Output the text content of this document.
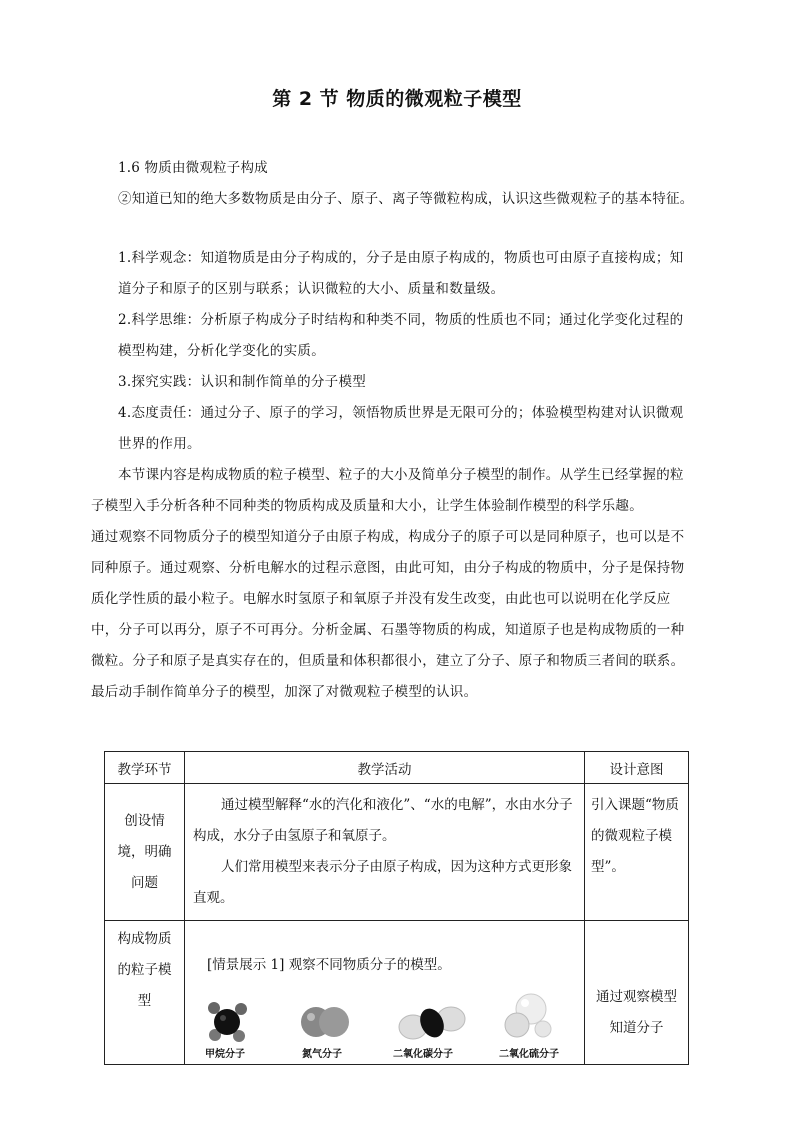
第 2 节 物质的微观粒子模型
1.6 物质由微观粒子构成
②知道已知的绝大多数物质是由分子、原子、离子等微粒构成，认识这些微观粒子的基本特征。
1.科学观念：知道物质是由分子构成的，分子是由原子构成的，物质也可由原子直接构成；知道分子和原子的区别与联系；认识微粒的大小、质量和数量级。
2.科学思维：分析原子构成分子时结构和种类不同，物质的性质也不同；通过化学变化过程的模型构建，分析化学变化的实质。
3.探究实践：认识和制作简单的分子模型
4.态度责任：通过分子、原子的学习，领悟物质世界是无限可分的；体验模型构建对认识微观世界的作用。
本节课内容是构成物质的粒子模型、粒子的大小及简单分子模型的制作。从学生已经掌握的粒子模型入手分析各种不同种类的物质构成及质量和大小，让学生体验制作模型的科学乐趣。
通过观察不同物质分子的模型知道分子由原子构成，构成分子的原子可以是同种原子，也可以是不同种原子。通过观察、分析电解水的过程示意图，由此可知，由分子构成的物质中，分子是保持物质化学性质的最小粒子。电解水时氢原子和氧原子并没有发生改变，由此也可以说明在化学反应中，分子可以再分，原子不可再分。分析金属、石墨等物质的构成，知道原子也是构成物质的一种微粒。分子和原子是真实存在的，但质量和体积都很小，建立了分子、原子和物质三者间的联系。最后动手制作简单分子的模型，加深了对微观粒子模型的认识。
教学环节	教学活动	设计意图

创设情境，明确问题	通过模型解释“水的汽化和液化”、“水的电解”，水由水分子构成，水分子由氢原子和氧原子。

人们常用模型来表示分子由原子构成，因为这种方式更形象直观。	引入课题“物质的微观粒子模型”。

构成物质的粒子模型	[情景展示 1] 观察不同物质分子的模型。
甲烷分子 氮气分子 二氧化碳分子 二氧化硫分子	通过观察模型知道分子
